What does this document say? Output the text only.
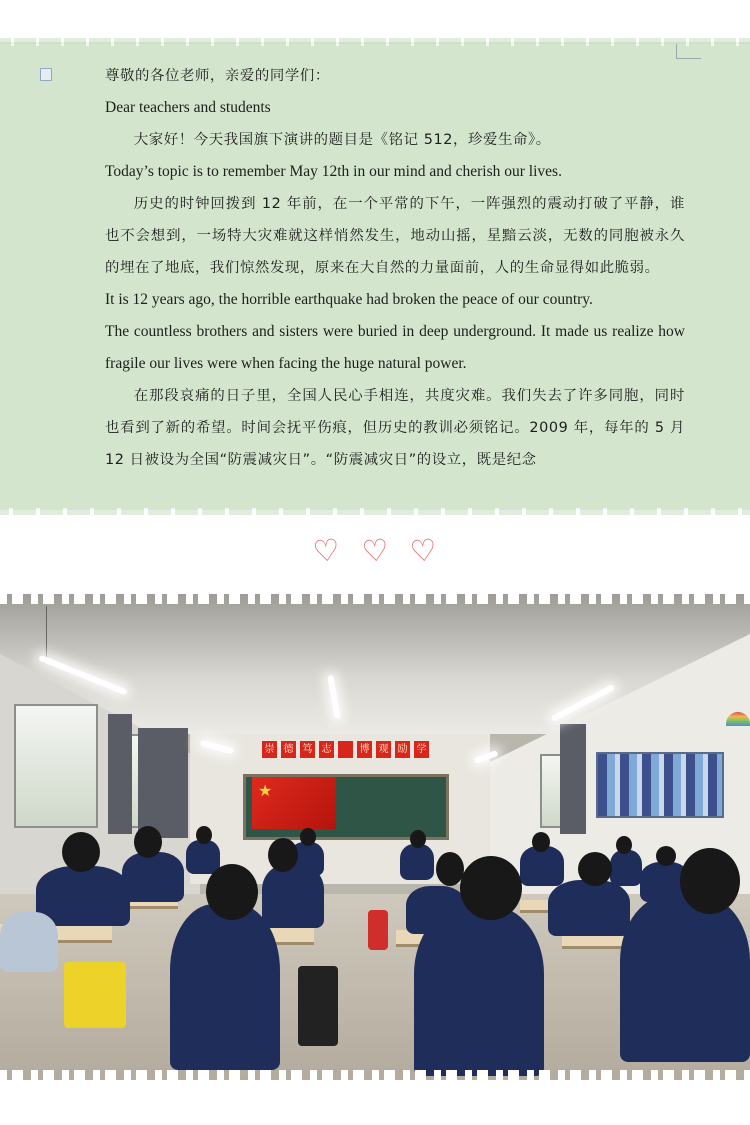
尊敬的各位老师，亲爱的同学们：

Dear teachers and students

大家好！今天我国旗下演讲的题目是《铭记 512，珍爱生命》。

Today’s topic is to remember May 12th in our mind and cherish our lives.

历史的时钟回拨到 12 年前，在一个平常的下午，一阵强烈的震动打破了平静，谁也不会想到，一场特大灾难就这样悄然发生，地动山摇，星黯云淡，无数的同胞被永久的埋在了地底，我们惊然发现，原来在大自然的力量面前，人的生命显得如此脆弱。

It is 12 years ago, the horrible earthquake had broken the peace of our country.

The countless brothers and sisters were buried in deep underground. It made us realize how fragile our lives were when facing the huge natural power.

在那段哀痛的日子里，全国人民心手相连，共度灾难。我们失去了许多同胞，同时也看到了新的希望。时间会抚平伤痕，但历史的教训必须铭记。2009 年，每年的 5 月 12 日被设为全国“防震减灾日”。“防震减灾日”的设立，既是纪念

♡ ♡ ♡
崇 德 笃 志	博 观 励 学
★
